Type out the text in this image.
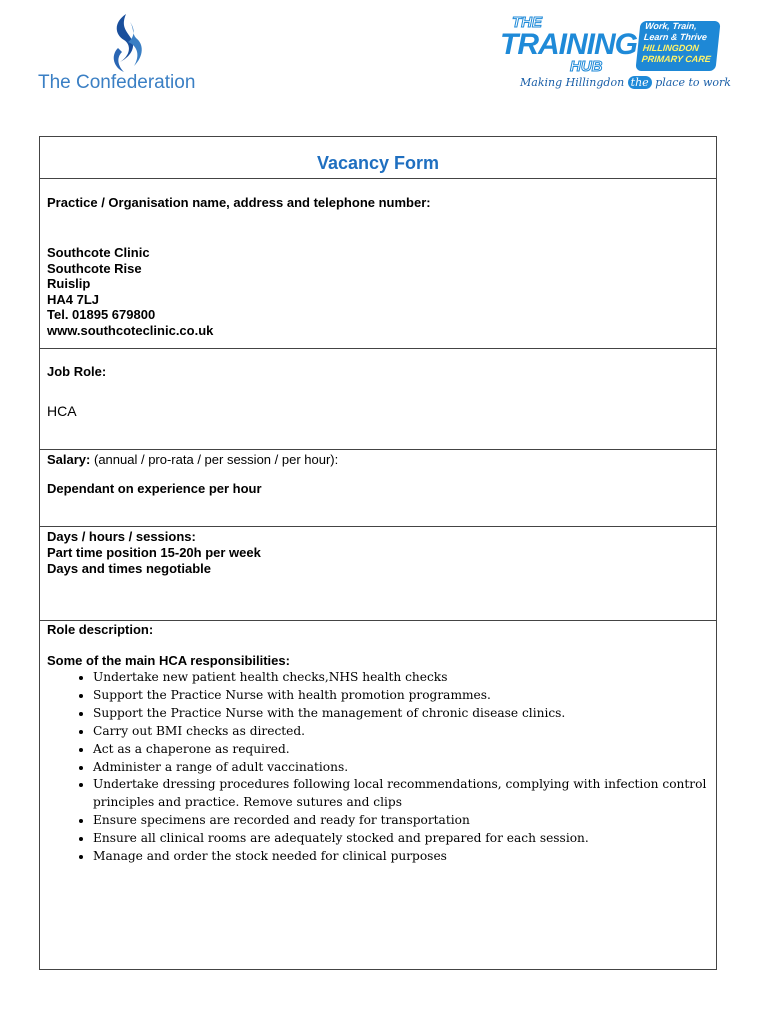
The Confederation
THE
TRAINING
HUB
Work, Train,
Learn & Thrive
HILLINGDON
PRIMARY CARE
Making Hillingdon the place to work
Vacancy Form
Practice / Organisation name, address and telephone number:
Southcote Clinic
Southcote Rise
Ruislip
HA4 7LJ
Tel. 01895 679800
www.southcoteclinic.co.uk
Job Role:
HCA
Salary: (annual / pro-rata / per session / per hour):
Dependant on experience per hour
Days / hours / sessions:
Part time position 15-20h per week
Days and times negotiable
Role description:
Some of the main HCA responsibilities:
• Undertake new patient health checks,NHS health checks
• Support the Practice Nurse with health promotion programmes.
• Support the Practice Nurse with the management of chronic disease clinics.
• Carry out BMI checks as directed.
• Act as a chaperone as required.
• Administer a range of adult vaccinations.
• Undertake dressing procedures following local recommendations, complying with infection control principles and practice. Remove sutures and clips
• Ensure specimens are recorded and ready for transportation
• Ensure all clinical rooms are adequately stocked and prepared for each session.
• Manage and order the stock needed for clinical purposes
